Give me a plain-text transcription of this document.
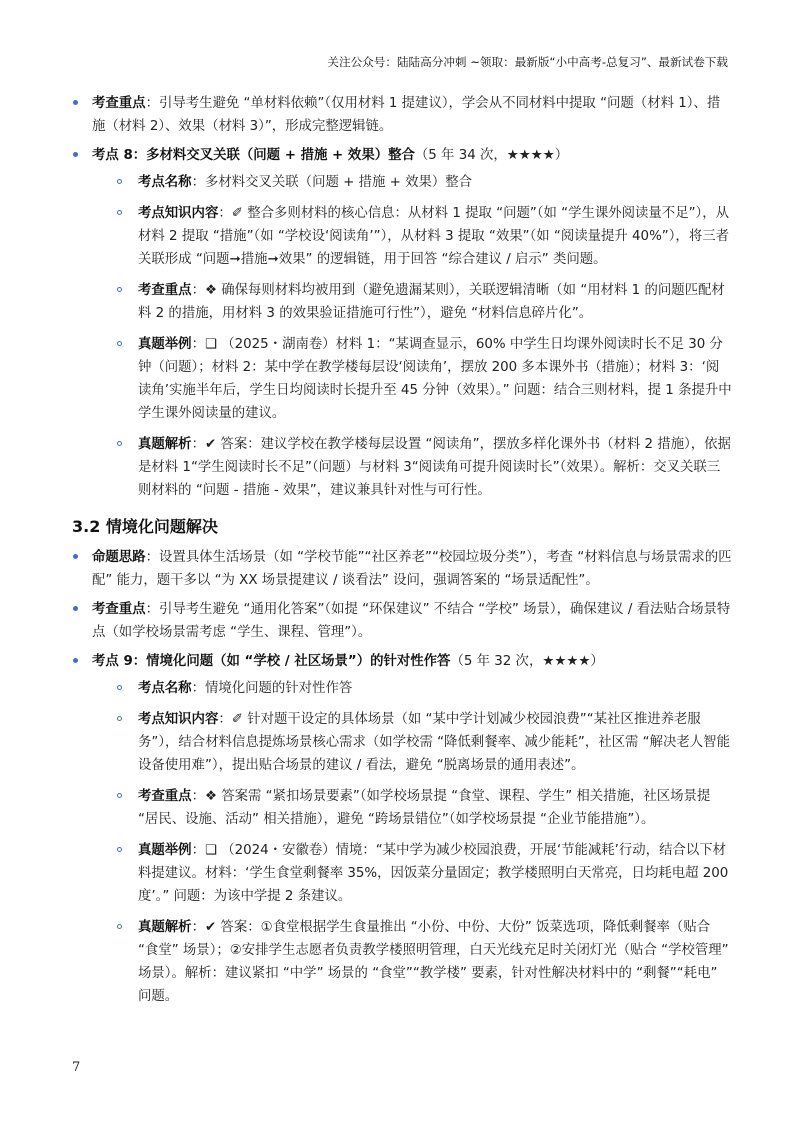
关注公众号：陆陆高分冲刺 ~领取：最新版“小中高考-总复习”、最新试卷下载
考查重点：引导考生避免 “单材料依赖”（仅用材料 1 提建议），学会从不同材料中提取 “问题（材料 1）、措施（材料 2）、效果（材料 3）”，形成完整逻辑链。
考点 8：多材料交叉关联（问题 + 措施 + 效果）整合（5 年 34 次，★★★★）
考点名称：多材料交叉关联（问题 + 措施 + 效果）整合
考点知识内容：✐ 整合多则材料的核心信息：从材料 1 提取 “问题”（如 “学生课外阅读量不足”），从材料 2 提取 “措施”（如 “学校设‘阅读角’”），从材料 3 提取 “效果”（如 “阅读量提升 40%”），将三者关联形成 “问题➞措施➞效果” 的逻辑链，用于回答 “综合建议 / 启示” 类问题。
考查重点：❖ 确保每则材料均被用到（避免遗漏某则），关联逻辑清晰（如 “用材料 1 的问题匹配材料 2 的措施，用材料 3 的效果验证措施可行性”），避免 “材料信息碎片化”。
真题举例：❑ （2025・湖南卷）材料 1：“某调查显示，60% 中学生日均课外阅读时长不足 30 分钟（问题）；材料 2：某中学在教学楼每层设‘阅读角’，摆放 200 多本课外书（措施）；材料 3：‘阅读角’实施半年后，学生日均阅读时长提升至 45 分钟（效果）。” 问题：结合三则材料，提 1 条提升中学生课外阅读量的建议。
真题解析：✔ 答案：建议学校在教学楼每层设置 “阅读角”，摆放多样化课外书（材料 2 措施），依据是材料 1“学生阅读时长不足”（问题）与材料 3“阅读角可提升阅读时长”（效果）。解析：交叉关联三则材料的 “问题 - 措施 - 效果”，建议兼具针对性与可行性。
3.2 情境化问题解决
命题思路：设置具体生活场景（如 “学校节能”“社区养老”“校园垃圾分类”），考查 “材料信息与场景需求的匹配” 能力，题干多以 “为 XX 场景提建议 / 谈看法” 设问，强调答案的 “场景适配性”。
考查重点：引导考生避免 “通用化答案”（如提 “环保建议” 不结合 “学校” 场景），确保建议 / 看法贴合场景特点（如学校场景需考虑 “学生、课程、管理”）。
考点 9：情境化问题（如 “学校 / 社区场景”）的针对性作答（5 年 32 次，★★★★）
考点名称：情境化问题的针对性作答
考点知识内容：✐ 针对题干设定的具体场景（如 “某中学计划减少校园浪费”“某社区推进养老服务”），结合材料信息提炼场景核心需求（如学校需 “降低剩餐率、减少能耗”，社区需 “解决老人智能设备使用难”），提出贴合场景的建议 / 看法，避免 “脱离场景的通用表述”。
考查重点：❖ 答案需 “紧扣场景要素”（如学校场景提 “食堂、课程、学生” 相关措施，社区场景提 “居民、设施、活动” 相关措施），避免 “跨场景错位”（如学校场景提 “企业节能措施”）。
真题举例：❑ （2024・安徽卷）情境：“某中学为减少校园浪费，开展‘节能减耗’行动，结合以下材料提建议。材料：‘学生食堂剩餐率 35%，因饭菜分量固定；教学楼照明白天常亮，日均耗电超 200 度’。” 问题：为该中学提 2 条建议。
真题解析：✔ 答案：①食堂根据学生食量推出 “小份、中份、大份” 饭菜选项，降低剩餐率（贴合 “食堂” 场景）；②安排学生志愿者负责教学楼照明管理，白天光线充足时关闭灯光（贴合 “学校管理” 场景）。解析：建议紧扣 “中学” 场景的 “食堂”“教学楼” 要素，针对性解决材料中的 “剩餐”“耗电” 问题。
7
